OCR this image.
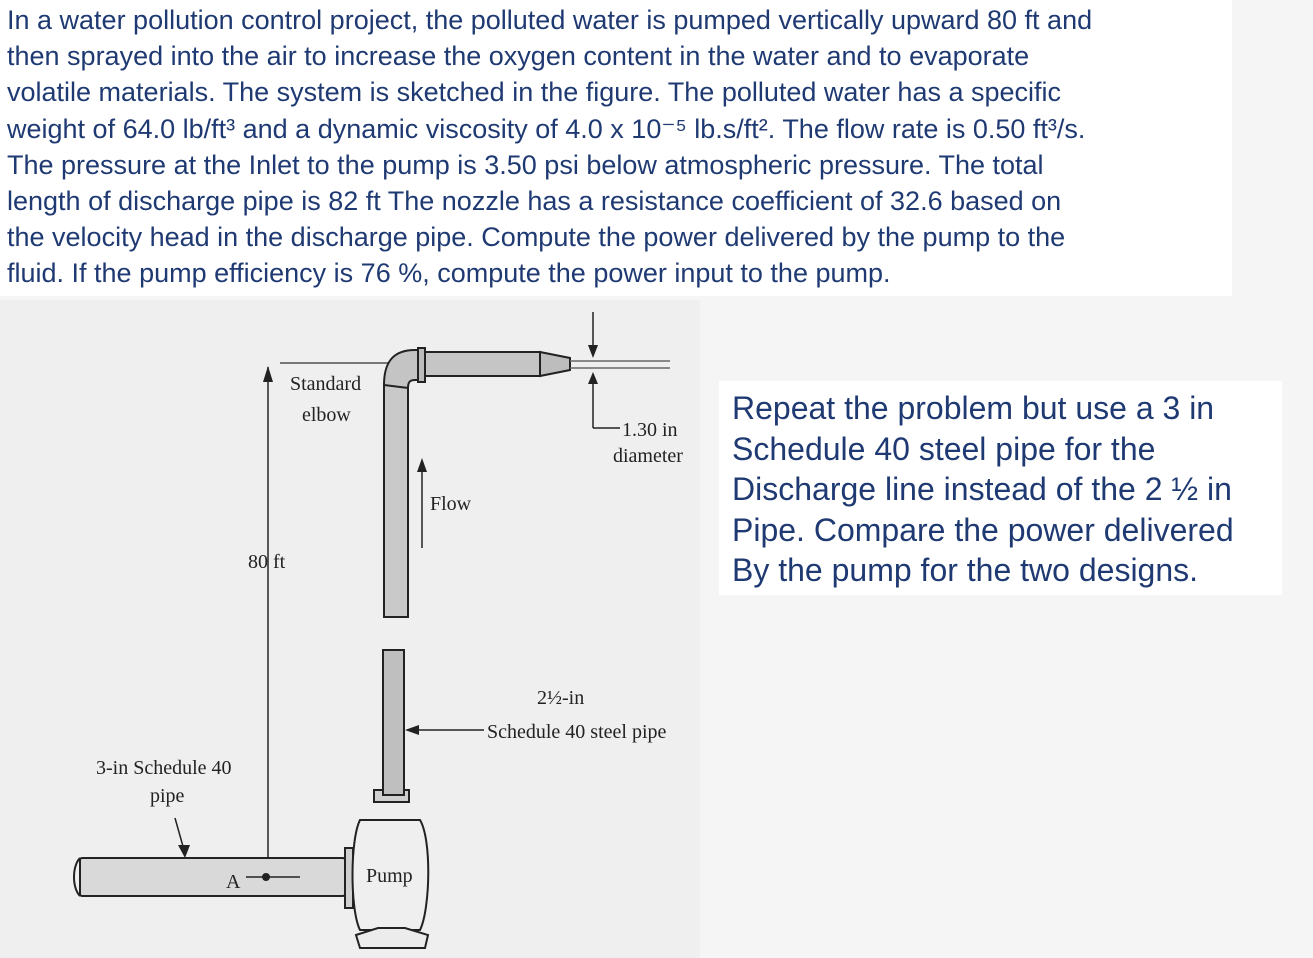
In a water pollution control project, the polluted water is pumped vertically upward 80 ft and
then sprayed into the air to increase the oxygen content in the water and to evaporate
volatile materials. The system is sketched in the figure. The polluted water has a specific
weight of 64.0 lb/ft³ and a dynamic viscosity of 4.0 x 10⁻⁵ lb.s/ft². The flow rate is 0.50 ft³/s.
The pressure at the Inlet to the pump is 3.50 psi below atmospheric pressure. The total
length of discharge pipe is 82 ft The nozzle has a resistance coefficient of 32.6 based on
the velocity head in the discharge pipe. Compute the power delivered by the pump to the
fluid. If the pump efficiency is 76 %, compute the power input to the pump.
Standard
elbow
1.30 in
diameter
Flow
80 ft
2½-in
Schedule 40 steel pipe
3-in Schedule 40
pipe
A	Pump
Repeat the problem but use a 3 in
Schedule 40 steel pipe for the
Discharge line instead of the 2 ½ in
Pipe. Compare the power delivered
By the pump for the two designs.
